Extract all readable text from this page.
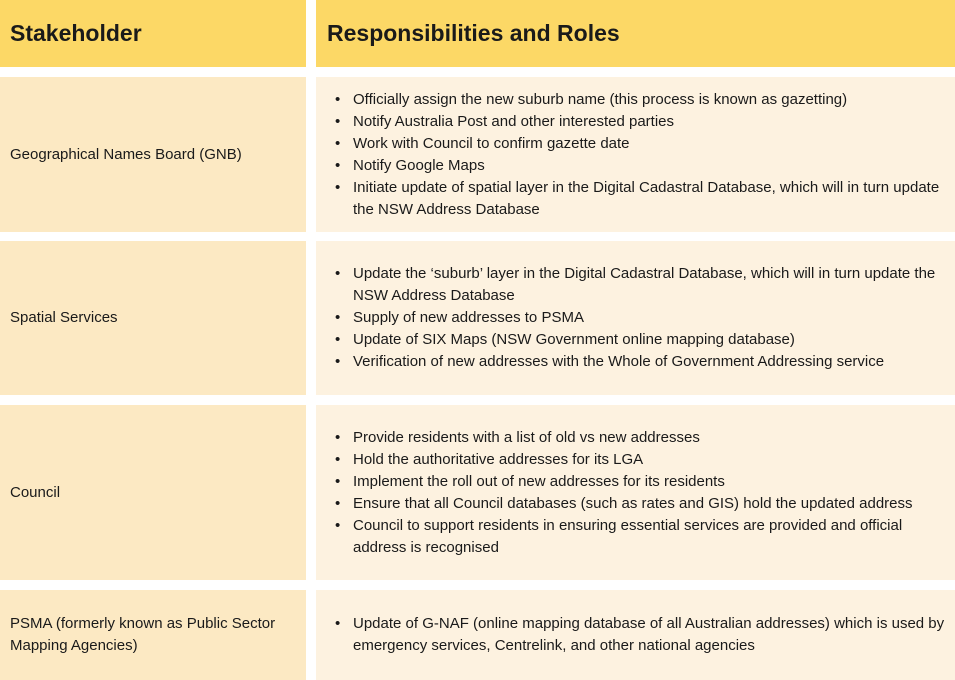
Stakeholder	Responsibilities and Roles
Geographical Names Board (GNB)
• Officially assign the new suburb name (this process is known as gazetting)
• Notify Australia Post and other interested parties
• Work with Council to confirm gazette date
• Notify Google Maps
• Initiate update of spatial layer in the Digital Cadastral Database, which will in turn update the NSW Address Database
Spatial Services
• Update the ‘suburb’ layer in the Digital Cadastral Database, which will in turn update the NSW Address Database
• Supply of new addresses to PSMA
• Update of SIX Maps (NSW Government online mapping database)
• Verification of new addresses with the Whole of Government Addressing service
Council
• Provide residents with a list of old vs new addresses
• Hold the authoritative addresses for its LGA
• Implement the roll out of new addresses for its residents
• Ensure that all Council databases (such as rates and GIS) hold the updated address
• Council to support residents in ensuring essential services are provided and official address is recognised
PSMA (formerly known as Public Sector Mapping Agencies)
• Update of G-NAF (online mapping database of all Australian addresses) which is used by emergency services, Centrelink, and other national agencies
